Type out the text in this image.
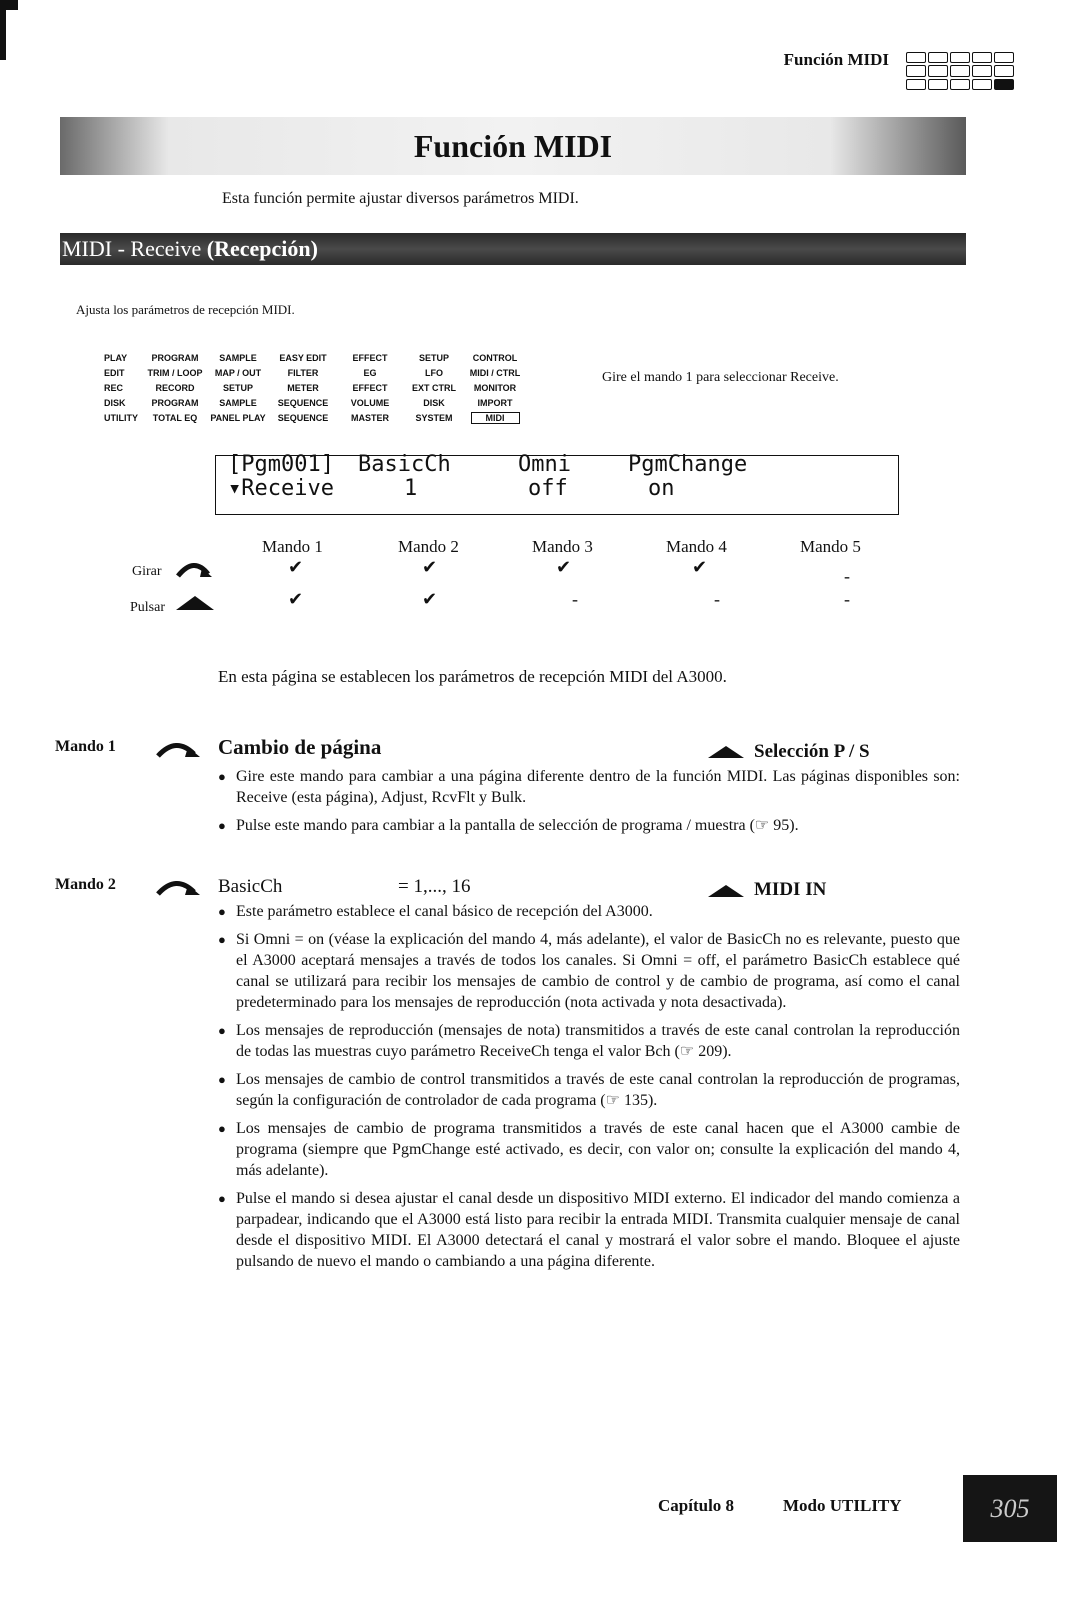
Función MIDI
Función MIDI
Esta función permite ajustar diversos parámetros MIDI.
MIDI - Receive (Recepción)
Ajusta los parámetros de recepción MIDI.
PLAY	PROGRAM	SAMPLE	EASY EDIT	EFFECT	SETUP	CONTROL
EDIT	TRIM / LOOP	MAP / OUT	FILTER	EG	LFO	MIDI / CTRL
REC	RECORD	SETUP	METER	EFFECT	EXT CTRL	MONITOR
DISK	PROGRAM	SAMPLE	SEQUENCE	VOLUME	DISK	IMPORT
UTILITY	TOTAL EQ	PANEL PLAY	SEQUENCE	MASTER	SYSTEM	MIDI
Gire el mando 1 para seleccionar Receive.
[Pgm001] BasicCh	Omni	PgmChange
▾Receive	1	off	on
Mando 1	Mando 2	Mando 3	Mando 4	Mando 5
Girar
Pulsar
✔	✔	✔	✔	-
✔	✔	-	-	-
En esta página se establecen los parámetros de recepción MIDI del A3000.
Mando 1	Cambio de página	Selección P / S
● Gire este mando para cambiar a una página diferente dentro de la función MIDI. Las páginas disponibles son: Receive (esta página), Adjust, RcvFlt y Bulk.
● Pulse este mando para cambiar a la pantalla de selección de programa / muestra (☞ 95).
Mando 2	BasicCh	= 1,..., 16	MIDI IN
● Este parámetro establece el canal básico de recepción del A3000.
● Si Omni = on (véase la explicación del mando 4, más adelante), el valor de BasicCh no es relevante, puesto que el A3000 aceptará mensajes a través de todos los canales. Si Omni = off, el parámetro BasicCh establece qué canal se utilizará para recibir los mensajes de cambio de control y de cambio de programa, así como el canal predeterminado para los mensajes de reproducción (nota activada y nota desactivada).
● Los mensajes de reproducción (mensajes de nota) transmitidos a través de este canal controlan la reproducción de todas las muestras cuyo parámetro ReceiveCh tenga el valor Bch (☞ 209).
● Los mensajes de cambio de control transmitidos a través de este canal controlan la reproducción de programas, según la configuración de controlador de cada programa (☞ 135).
● Los mensajes de cambio de programa transmitidos a través de este canal hacen que el A3000 cambie de programa (siempre que PgmChange esté activado, es decir, con valor on; consulte la explicación del mando 4, más adelante).
● Pulse el mando si desea ajustar el canal desde un dispositivo MIDI externo. El indicador del mando comienza a parpadear, indicando que el A3000 está listo para recibir la entrada MIDI. Transmita cualquier mensaje de canal desde el dispositivo MIDI. El A3000 detectará el canal y mostrará el valor sobre el mando. Bloquee el ajuste pulsando de nuevo el mando o cambiando a una página diferente.
Capítulo 8	Modo UTILITY	305
